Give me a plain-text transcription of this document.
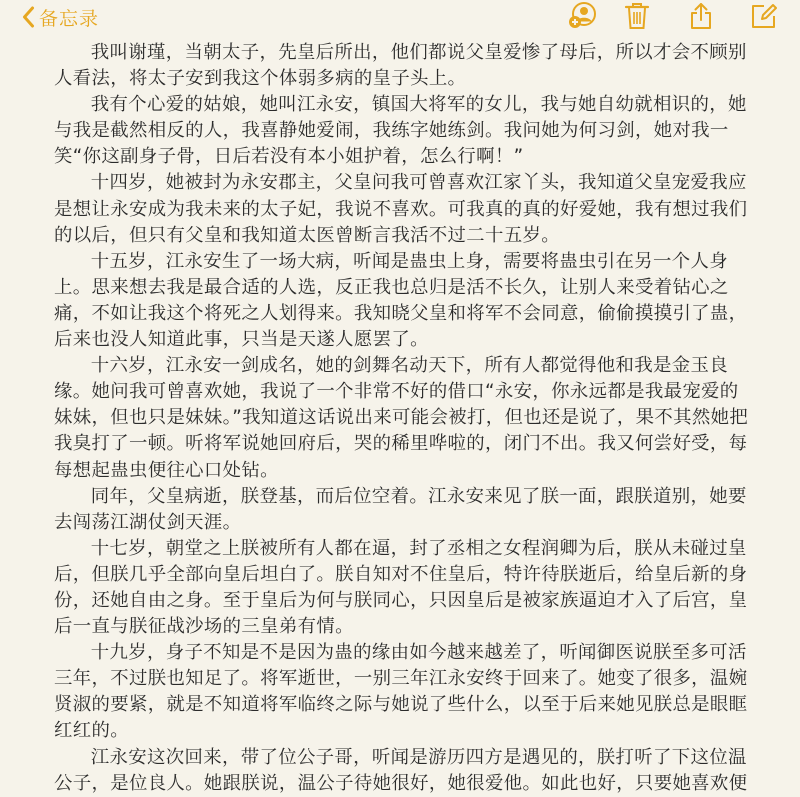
备忘录

我叫谢瑾，当朝太子，先皇后所出，他们都说父皇爱惨了母后，所以才会不顾别人看法，将太子安到我这个体弱多病的皇子头上。

我有个心爱的姑娘，她叫江永安，镇国大将军的女儿，我与她自幼就相识的，她与我是截然相反的人，我喜静她爱闹，我练字她练剑。我问她为何习剑，她对我一笑“你这副身子骨，日后若没有本小姐护着，怎么行啊！”

十四岁，她被封为永安郡主，父皇问我可曾喜欢江家丫头，我知道父皇宠爱我应是想让永安成为我未来的太子妃，我说不喜欢。可我真的真的好爱她，我有想过我们的以后，但只有父皇和我知道太医曾断言我活不过二十五岁。

十五岁，江永安生了一场大病，听闻是蛊虫上身，需要将蛊虫引在另一个人身上。思来想去我是最合适的人选，反正我也总归是活不长久，让别人来受着钻心之痛，不如让我这个将死之人划得来。我知晓父皇和将军不会同意，偷偷摸摸引了蛊，后来也没人知道此事，只当是天遂人愿罢了。

十六岁，江永安一剑成名，她的剑舞名动天下，所有人都觉得他和我是金玉良缘。她问我可曾喜欢她，我说了一个非常不好的借口“永安，你永远都是我最宠爱的妹妹，但也只是妹妹。”我知道这话说出来可能会被打，但也还是说了，果不其然她把我臭打了一顿。听将军说她回府后，哭的稀里哗啦的，闭门不出。我又何尝好受，每每想起蛊虫便往心口处钻。

同年，父皇病逝，朕登基，而后位空着。江永安来见了朕一面，跟朕道别，她要去闯荡江湖仗剑天涯。

十七岁，朝堂之上朕被所有人都在逼，封了丞相之女程润卿为后，朕从未碰过皇后，但朕几乎全部向皇后坦白了。朕自知对不住皇后，特许待朕逝后，给皇后新的身份，还她自由之身。至于皇后为何与朕同心，只因皇后是被家族逼迫才入了后宫，皇后一直与朕征战沙场的三皇弟有情。

十九岁，身子不知是不是因为蛊的缘由如今越来越差了，听闻御医说朕至多可活三年，不过朕也知足了。将军逝世，一别三年江永安终于回来了。她变了很多，温婉贤淑的要紧，就是不知道将军临终之际与她说了些什么，以至于后来她见朕总是眼眶红红的。

江永安这次回来，带了位公子哥，听闻是游历四方是遇见的，朕打听了下这位温公子，是位良人。她跟朕说，温公子待她很好，她很爱他。如此也好，只要她喜欢便
